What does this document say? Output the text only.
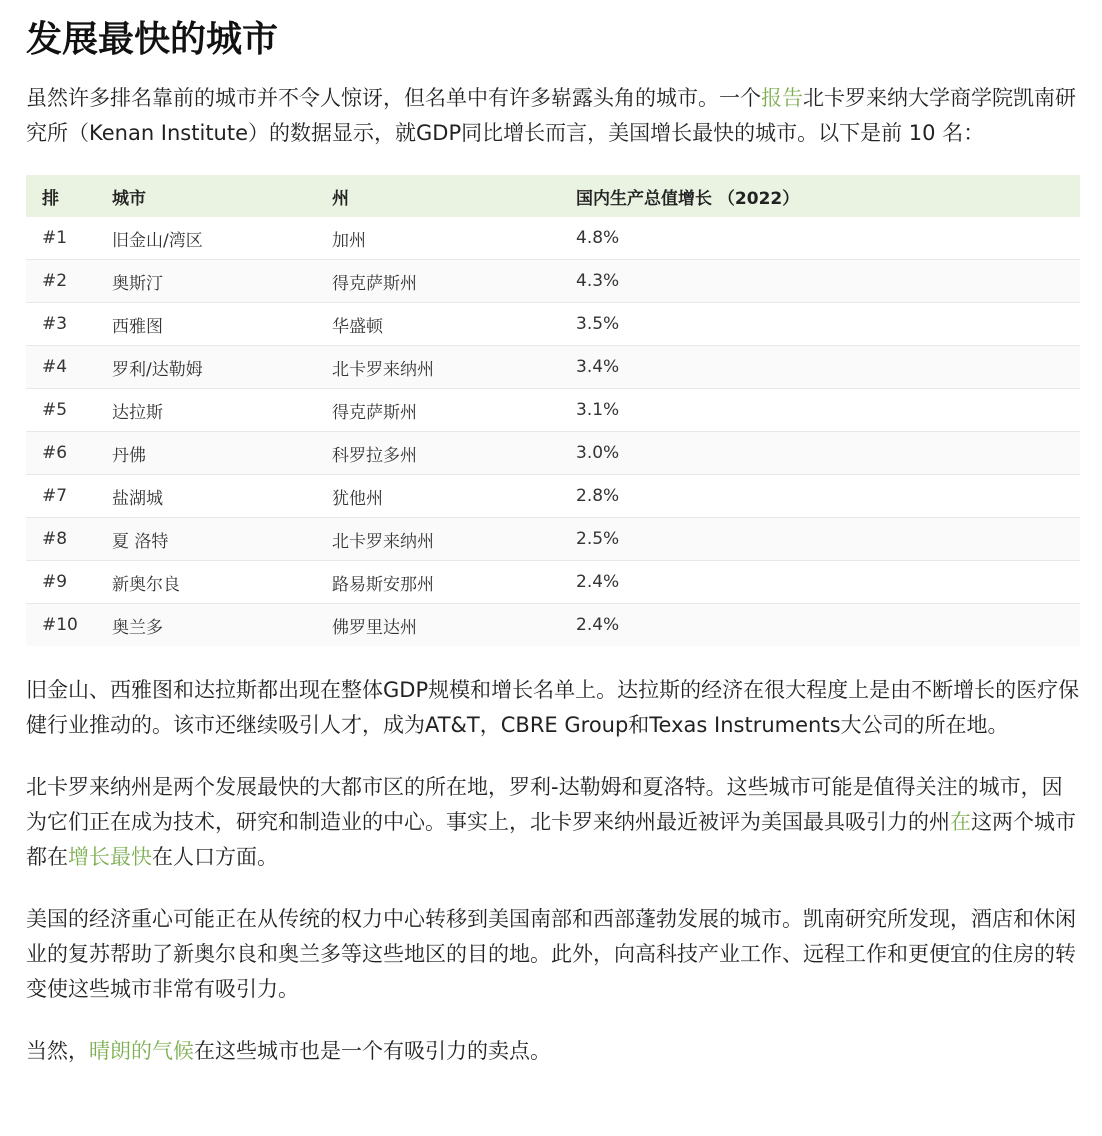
发展最快的城市

虽然许多排名靠前的城市并不令人惊讶，但名单中有许多崭露头角的城市。一个报告北卡罗来纳大学商学院凯南研究所（Kenan Institute）的数据显示，就GDP同比增长而言，美国增长最快的城市。以下是前 10 名：

排	城市	州	国内生产总值增长 （2022）
#1	旧金山/湾区	加州	4.8%
#2	奥斯汀	得克萨斯州	4.3%
#3	西雅图	华盛顿	3.5%
#4	罗利/达勒姆	北卡罗来纳州	3.4%
#5	达拉斯	得克萨斯州	3.1%
#6	丹佛	科罗拉多州	3.0%
#7	盐湖城	犹他州	2.8%
#8	夏 洛特	北卡罗来纳州	2.5%
#9	新奥尔良	路易斯安那州	2.4%
#10	奥兰多	佛罗里达州	2.4%

旧金山、西雅图和达拉斯都出现在整体GDP规模和增长名单上。达拉斯的经济在很大程度上是由不断增长的医疗保健行业推动的。该市还继续吸引人才，成为AT&T，CBRE Group和Texas Instruments大公司的所在地。

北卡罗来纳州是两个发展最快的大都市区的所在地，罗利-达勒姆和夏洛特。这些城市可能是值得关注的城市，因为它们正在成为技术，研究和制造业的中心。事实上，北卡罗来纳州最近被评为美国最具吸引力的州在这两个城市都在增长最快在人口方面。

美国的经济重心可能正在从传统的权力中心转移到美国南部和西部蓬勃发展的城市。凯南研究所发现，酒店和休闲业的复苏帮助了新奥尔良和奥兰多等这些地区的目的地。此外，向高科技产业工作、远程工作和更便宜的住房的转变使这些城市非常有吸引力。

当然，晴朗的气候在这些城市也是一个有吸引力的卖点。
